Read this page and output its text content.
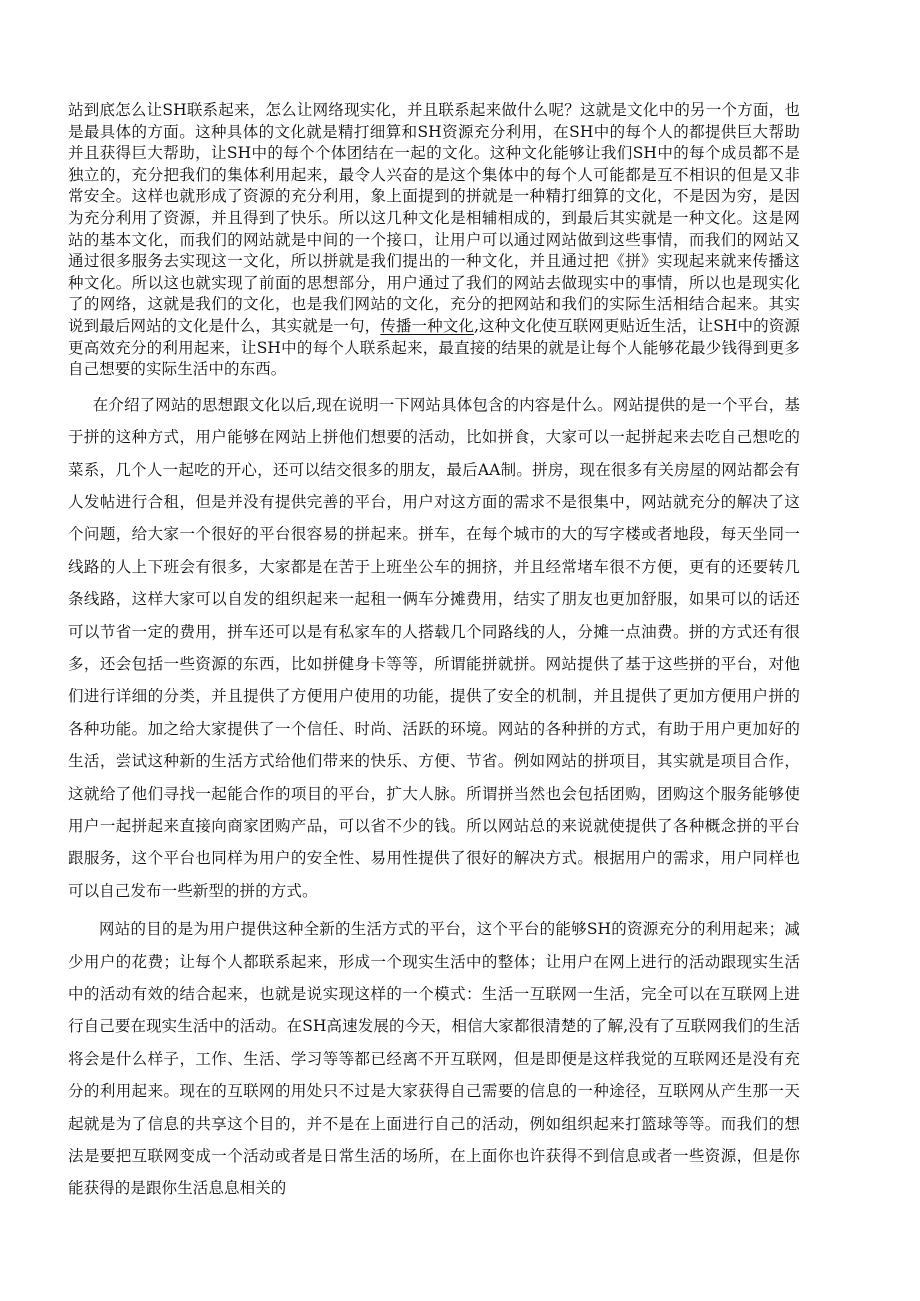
站到底怎么让SH联系起来，怎么让网络现实化，并且联系起来做什么呢？这就是文化中的另一个方面，也是最具体的方面。这种具体的文化就是精打细算和SH资源充分利用，在SH中的每个人的都提供巨大帮助并且获得巨大帮助，让SH中的每个个体团结在一起的文化。这种文化能够让我们SH中的每个成员都不是独立的，充分把我们的集体利用起来，最令人兴奋的是这个集体中的每个人可能都是互不相识的但是又非常安全。这样也就形成了资源的充分利用，象上面提到的拼就是一种精打细算的文化，不是因为穷，是因为充分利用了资源，并且得到了快乐。所以这几种文化是相辅相成的，到最后其实就是一种文化。这是网站的基本文化，而我们的网站就是中间的一个接口，让用户可以通过网站做到这些事情，而我们的网站又通过很多服务去实现这一文化，所以拼就是我们提出的一种文化，并且通过把《拼》实现起来就来传播这种文化。所以这也就实现了前面的思想部分，用户通过了我们的网站去做现实中的事情，所以也是现实化了的网络，这就是我们的文化，也是我们网站的文化，充分的把网站和我们的实际生活相结合起来。其实说到最后网站的文化是什么，其实就是一句，传播一种文化,这种文化使互联网更贴近生活，让SH中的资源更高效充分的利用起来，让SH中的每个人联系起来，最直接的结果的就是让每个人能够花最少钱得到更多自己想要的实际生活中的东西。

在介绍了网站的思想跟文化以后,现在说明一下网站具体包含的内容是什么。网站提供的是一个平台，基于拼的这种方式，用户能够在网站上拼他们想要的活动，比如拼食，大家可以一起拼起来去吃自己想吃的菜系，几个人一起吃的开心，还可以结交很多的朋友，最后AA制。拼房，现在很多有关房屋的网站都会有人发帖进行合租，但是并没有提供完善的平台，用户对这方面的需求不是很集中，网站就充分的解决了这个问题，给大家一个很好的平台很容易的拼起来。拼车，在每个城市的大的写字楼或者地段，每天坐同一线路的人上下班会有很多，大家都是在苦于上班坐公车的拥挤，并且经常堵车很不方便，更有的还要转几条线路，这样大家可以自发的组织起来一起租一俩车分摊费用，结实了朋友也更加舒服，如果可以的话还可以节省一定的费用，拼车还可以是有私家车的人搭载几个同路线的人，分摊一点油费。拼的方式还有很多，还会包括一些资源的东西，比如拼健身卡等等，所谓能拼就拼。网站提供了基于这些拼的平台，对他们进行详细的分类，并且提供了方便用户使用的功能，提供了安全的机制，并且提供了更加方便用户拼的各种功能。加之给大家提供了一个信任、时尚、活跃的环境。网站的各种拼的方式，有助于用户更加好的生活，尝试这种新的生活方式给他们带来的快乐、方便、节省。例如网站的拼项目，其实就是项目合作，这就给了他们寻找一起能合作的项目的平台，扩大人脉。所谓拼当然也会包括团购，团购这个服务能够使用户一起拼起来直接向商家团购产品，可以省不少的钱。所以网站总的来说就使提供了各种概念拼的平台跟服务，这个平台也同样为用户的安全性、易用性提供了很好的解决方式。根据用户的需求，用户同样也可以自己发布一些新型的拼的方式。

网站的目的是为用户提供这种全新的生活方式的平台，这个平台的能够SH的资源充分的利用起来；减少用户的花费；让每个人都联系起来，形成一个现实生活中的整体；让用户在网上进行的活动跟现实生活中的活动有效的结合起来，也就是说实现这样的一个模式：生活一互联网一生活，完全可以在互联网上进行自己要在现实生活中的活动。在SH高速发展的今天，相信大家都很清楚的了解,没有了互联网我们的生活将会是什么样子，工作、生活、学习等等都已经离不开互联网，但是即便是这样我觉的互联网还是没有充分的利用起来。现在的互联网的用处只不过是大家获得自己需要的信息的一种途径，互联网从产生那一天起就是为了信息的共享这个目的，并不是在上面进行自己的活动，例如组织起来打篮球等等。而我们的想法是要把互联网变成一个活动或者是日常生活的场所，在上面你也许获得不到信息或者一些资源，但是你能获得的是跟你生活息息相关的
